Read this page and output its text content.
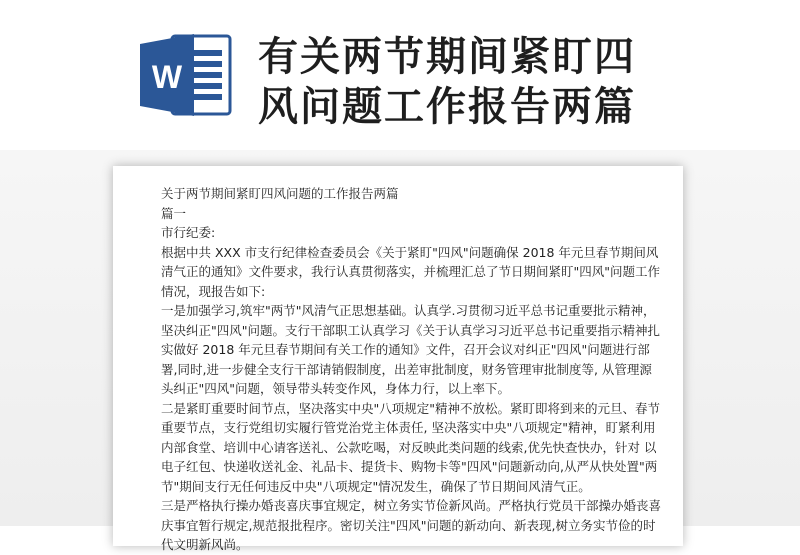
W 有关两节期间紧盯四
风问题工作报告两篇

关于两节期间紧盯四风问题的工作报告两篇

篇一

市行纪委:

根据中共 XXX 市支行纪律检查委员会《关于紧盯"四风"问题确保 2018 年元旦春节期间风清气正的通知》文件要求，我行认真贯彻落实，并梳理汇总了节日期间紧盯"四风"问题工作情况，现报告如下:

一是加强学习,筑牢"两节"风清气正思想基础。认真学.习贯彻习近平总书记重要批示精神，坚决纠正"四风"问题。支行干部职工认真学习《关于认真学习习近平总书记重要指示精神扎实做好 2018 年元旦春节期间有关工作的通知》文件，召开会议对纠正"四风"问题进行部署,同时,进一步健全支行干部请销假制度，出差审批制度，财务管理审批制度等, 从管理源头纠正"四风"问题，领导带头转变作风，身体力行，以上率下。

二是紧盯重要时间节点，坚决落实中央"八项规定"精神不放松。紧盯即将到来的元旦、春节重要节点，支行党组切实履行管党治党主体责任, 坚决落实中央"八项规定"精神，盯紧利用内部食堂、培训中心请客送礼、公款吃喝，对反映此类问题的线索,优先快查快办，针对 以电子红包、快递收送礼金、礼品卡、提货卡、购物卡等"四风"问题新动向,从严从快处置"两节"期间支行无任何违反中央"八项规定"情况发生，确保了节日期间风清气正。

三是严格执行操办婚丧喜庆事宜规定，树立务实节俭新风尚。严格执行党员干部操办婚丧喜庆事宜暂行规定,规范报批程序。密切关注"四风"问题的新动向、新表现,树立务实节俭的时代文明新风尚。
